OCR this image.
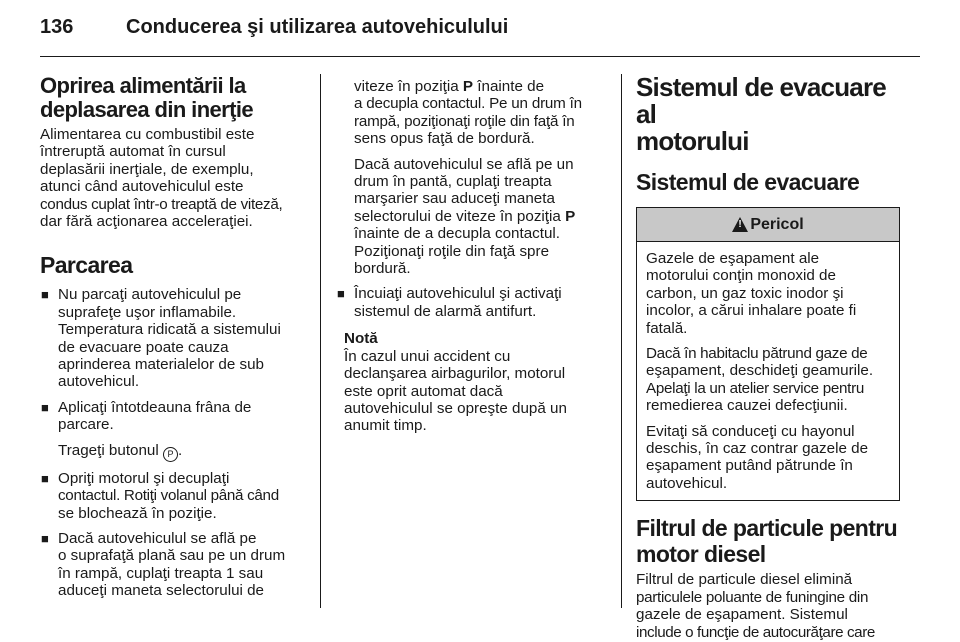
136	Conducerea şi utilizarea autovehiculului
Oprirea alimentării la deplasarea din inerţie
Alimentarea cu combustibil este
întreruptă automat în cursul
deplasării inerţiale, de exemplu,
atunci când autovehiculul este
condus cuplat într-o treaptă de viteză,
dar fără acţionarea acceleraţiei.
Parcarea
■ Nu parcaţi autovehiculul pe
suprafeţe uşor inflamabile.
Temperatura ridicată a sistemului
de evacuare poate cauza
aprinderea materialelor de sub
autovehicul.
■ Aplicaţi întotdeauna frâna de
parcare.
Trageţi butonul P .
■ Opriţi motorul şi decuplaţi
contactul. Rotiţi volanul până când
se blochează în poziţie.
■ Dacă autovehiculul se află pe
o suprafaţă plană sau pe un drum
în rampă, cuplaţi treapta 1 sau
aduceţi maneta selectorului de
viteze în poziţia P înainte de
a decupla contactul. Pe un drum în
rampă, poziţionaţi roţile din faţă în
sens opus faţă de bordură.
Dacă autovehiculul se află pe un
drum în pantă, cuplaţi treapta
marşarier sau aduceţi maneta
selectorului de viteze în poziţia P
înainte de a decupla contactul.
Poziţionaţi roţile din faţă spre
bordură.
■ Încuiaţi autovehiculul şi activaţi
sistemul de alarmă antifurt.
Notă
În cazul unui accident cu
declanşarea airbagurilor, motorul
este oprit automat dacă
autovehiculul se opreşte după un
anumit timp.
Sistemul de evacuare al
motorului
Sistemul de evacuare
! Pericol
Gazele de eşapament ale
motorului conţin monoxid de
carbon, un gaz toxic inodor şi
incolor, a cărui inhalare poate fi
fatală.
Dacă în habitaclu pătrund gaze de
eşapament, deschideţi geamurile.
Apelaţi la un atelier service pentru
remedierea cauzei defecţiunii.
Evitaţi să conduceţi cu hayonul
deschis, în caz contrar gazele de
eşapament putând pătrunde în
autovehicul.
Filtrul de particule pentru
motor diesel
Filtrul de particule diesel elimină
particulele poluante de funingine din
gazele de eşapament. Sistemul
include o funcţie de autocurăţare care
